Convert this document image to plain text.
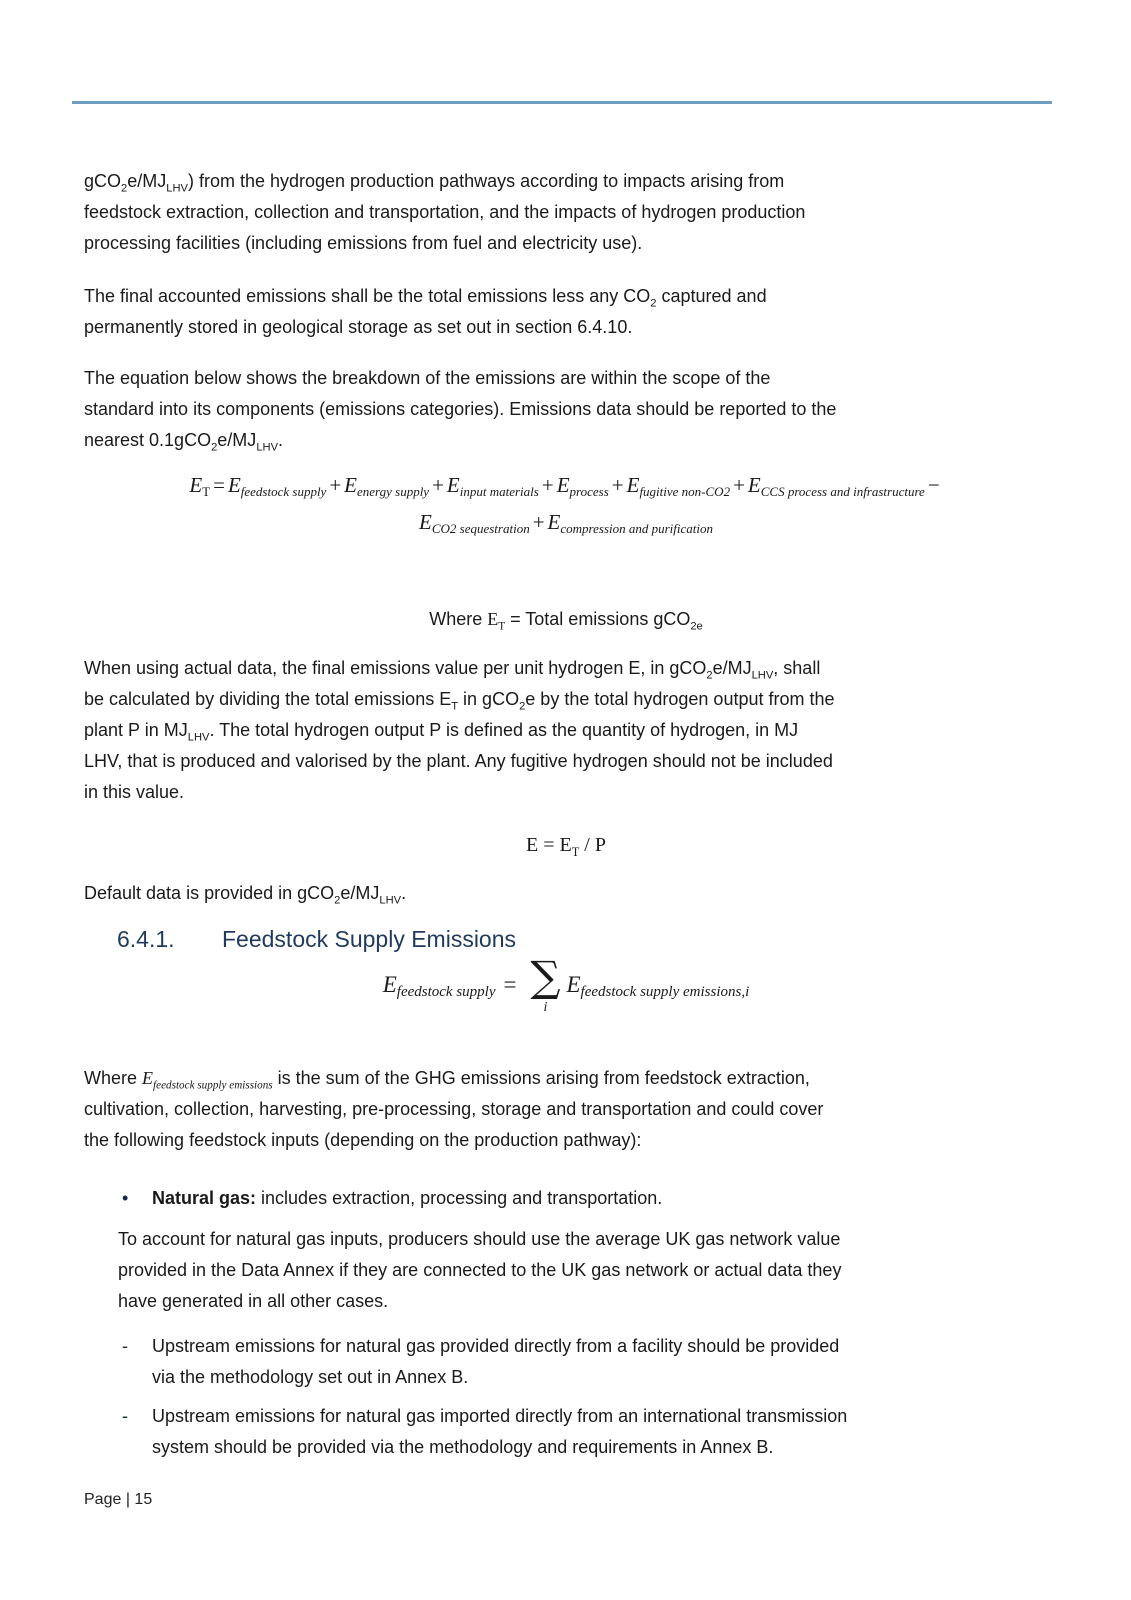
$gCO_2e/MJ_{LHV}$) from the hydrogen production pathways according to impacts arising from
feedstock extraction, collection and transportation, and the impacts of hydrogen production
processing facilities (including emissions from fuel and electricity use).

The final accounted emissions shall be the total emissions less any $CO_2$ captured and
permanently stored in geological storage as set out in section 6.4.10.

The equation below shows the breakdown of the emissions are within the scope of the
standard into its components (emissions categories). Emissions data should be reported to the
nearest $0.1gCO_2e/MJ_{LHV}$.

$E_T = E_{feedstock supply} + E_{energy supply} + E_{input materials} + E_{process} + E_{fugitive non-CO2} + E_{CCS process and infrastructure}$ −
$E_{CO2 sequestration} + E_{compression and purification}$

Where $E_T$ = Total emissions gCO$_{2e}$

When using actual data, the final emissions value per unit hydrogen E, in $gCO_2e/MJ_{LHV}$, shall
be calculated by dividing the total emissions $E_T$ in gCO$_2$e by the total hydrogen output from the
plant P in $MJ_{LHV}$. The total hydrogen output P is defined as the quantity of hydrogen, in MJ
LHV, that is produced and valorised by the plant. Any fugitive hydrogen should not be included
in this value.

$E = E_T / P$

Default data is provided in $gCO_2e/MJ_{LHV}$.

6.4.1.	Feedstock Supply Emissions
$E_{feedstock supply}$ = ∑
i
$E_{feedstock supply emissions,i}$

Where $E_{feedstock supply emissions}$ is the sum of the GHG emissions arising from feedstock extraction,
cultivation, collection, harvesting, pre-processing, storage and transportation and could cover
the following feedstock inputs (depending on the production pathway):

•	Natural gas: includes extraction, processing and transportation.

To account for natural gas inputs, producers should use the average UK gas network value
provided in the Data Annex if they are connected to the UK gas network or actual data they
have generated in all other cases.

-	Upstream emissions for natural gas provided directly from a facility should be provided
via the methodology set out in Annex B.
-	Upstream emissions for natural gas imported directly from an international transmission
system should be provided via the methodology and requirements in Annex B.
Page | 15
